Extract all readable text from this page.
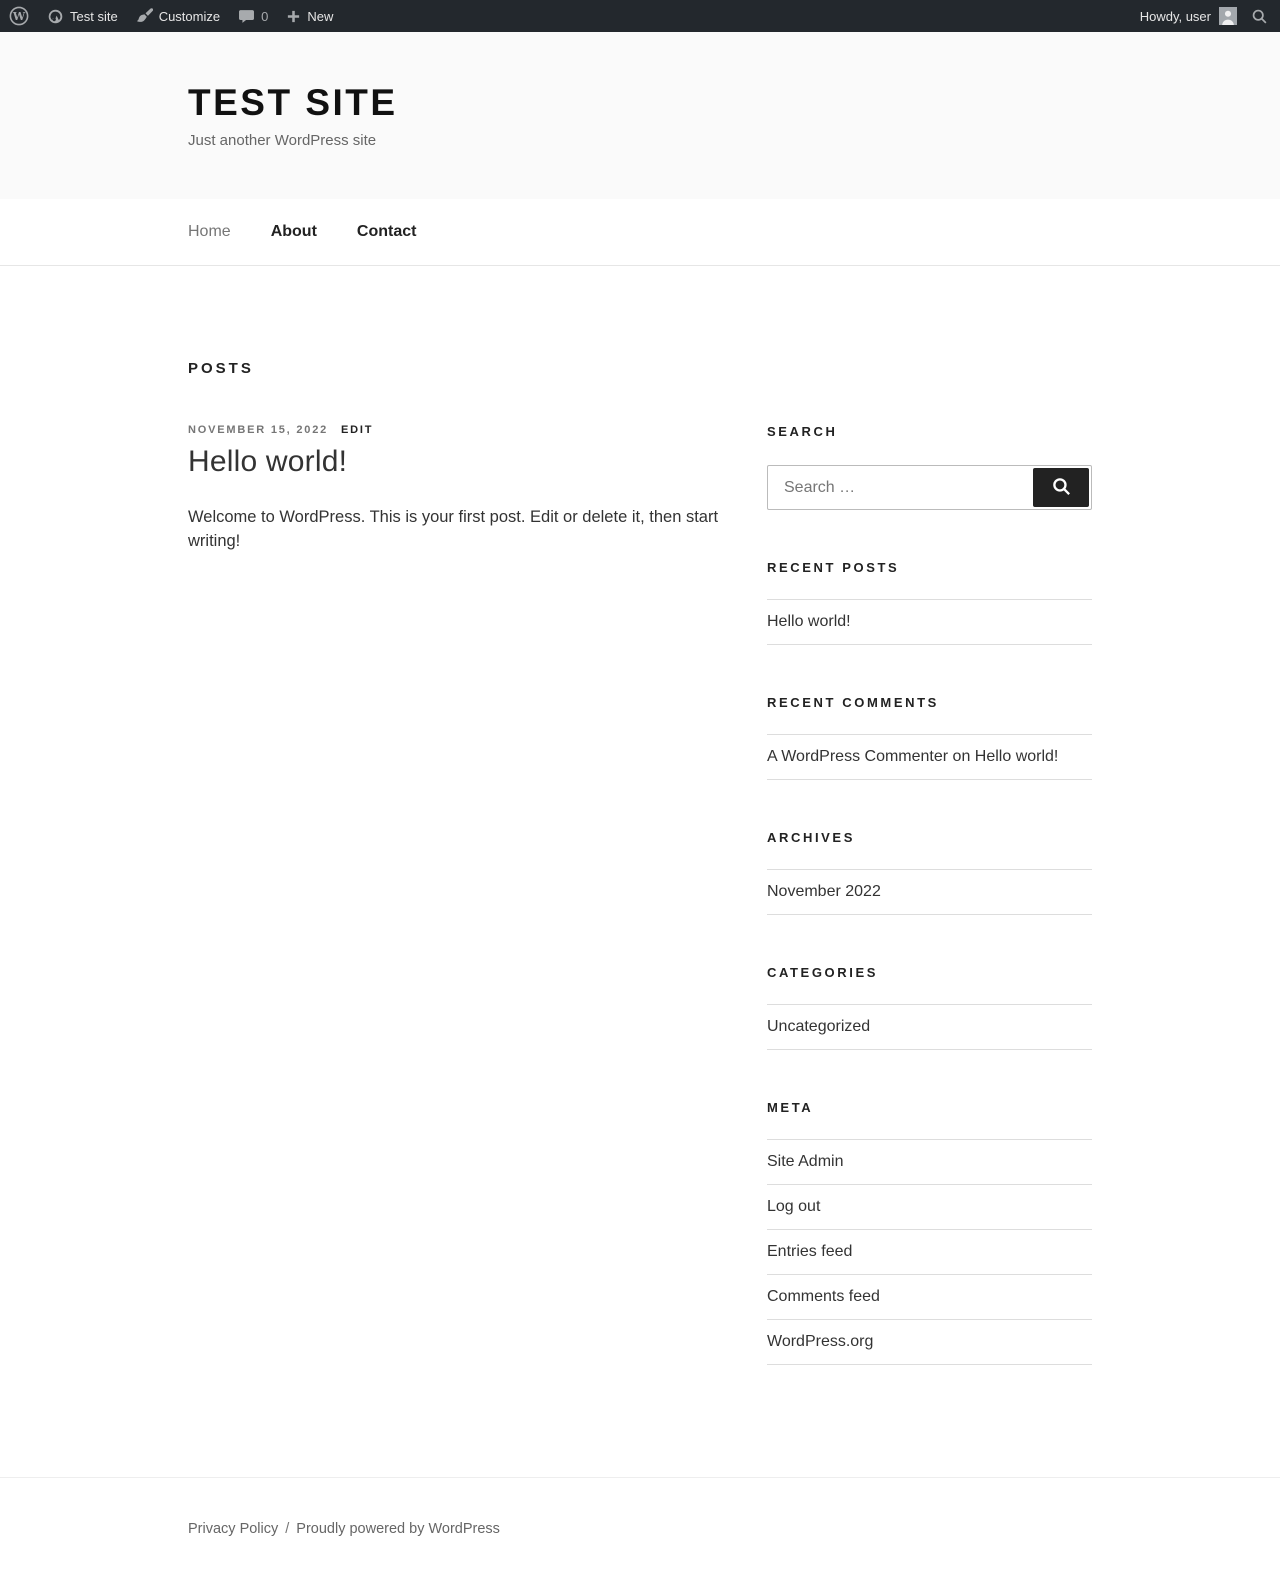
W	Test site	Customize	0	New	Howdy, user
TEST SITE

Just another WordPress site

Home	About	Contact
POSTS
NOVEMBER 15, 2022 EDIT
Hello world!

Welcome to WordPress. This is your first post. Edit or delete it, then start writing!

SEARCH
Search …
RECENT POSTS
Hello world!
RECENT COMMENTS
A WordPress Commenter on Hello world!
ARCHIVES
November 2022
CATEGORIES
Uncategorized
META
Site Admin
Log out
Entries feed
Comments feed
WordPress.org
Privacy Policy / Proudly powered by WordPress
